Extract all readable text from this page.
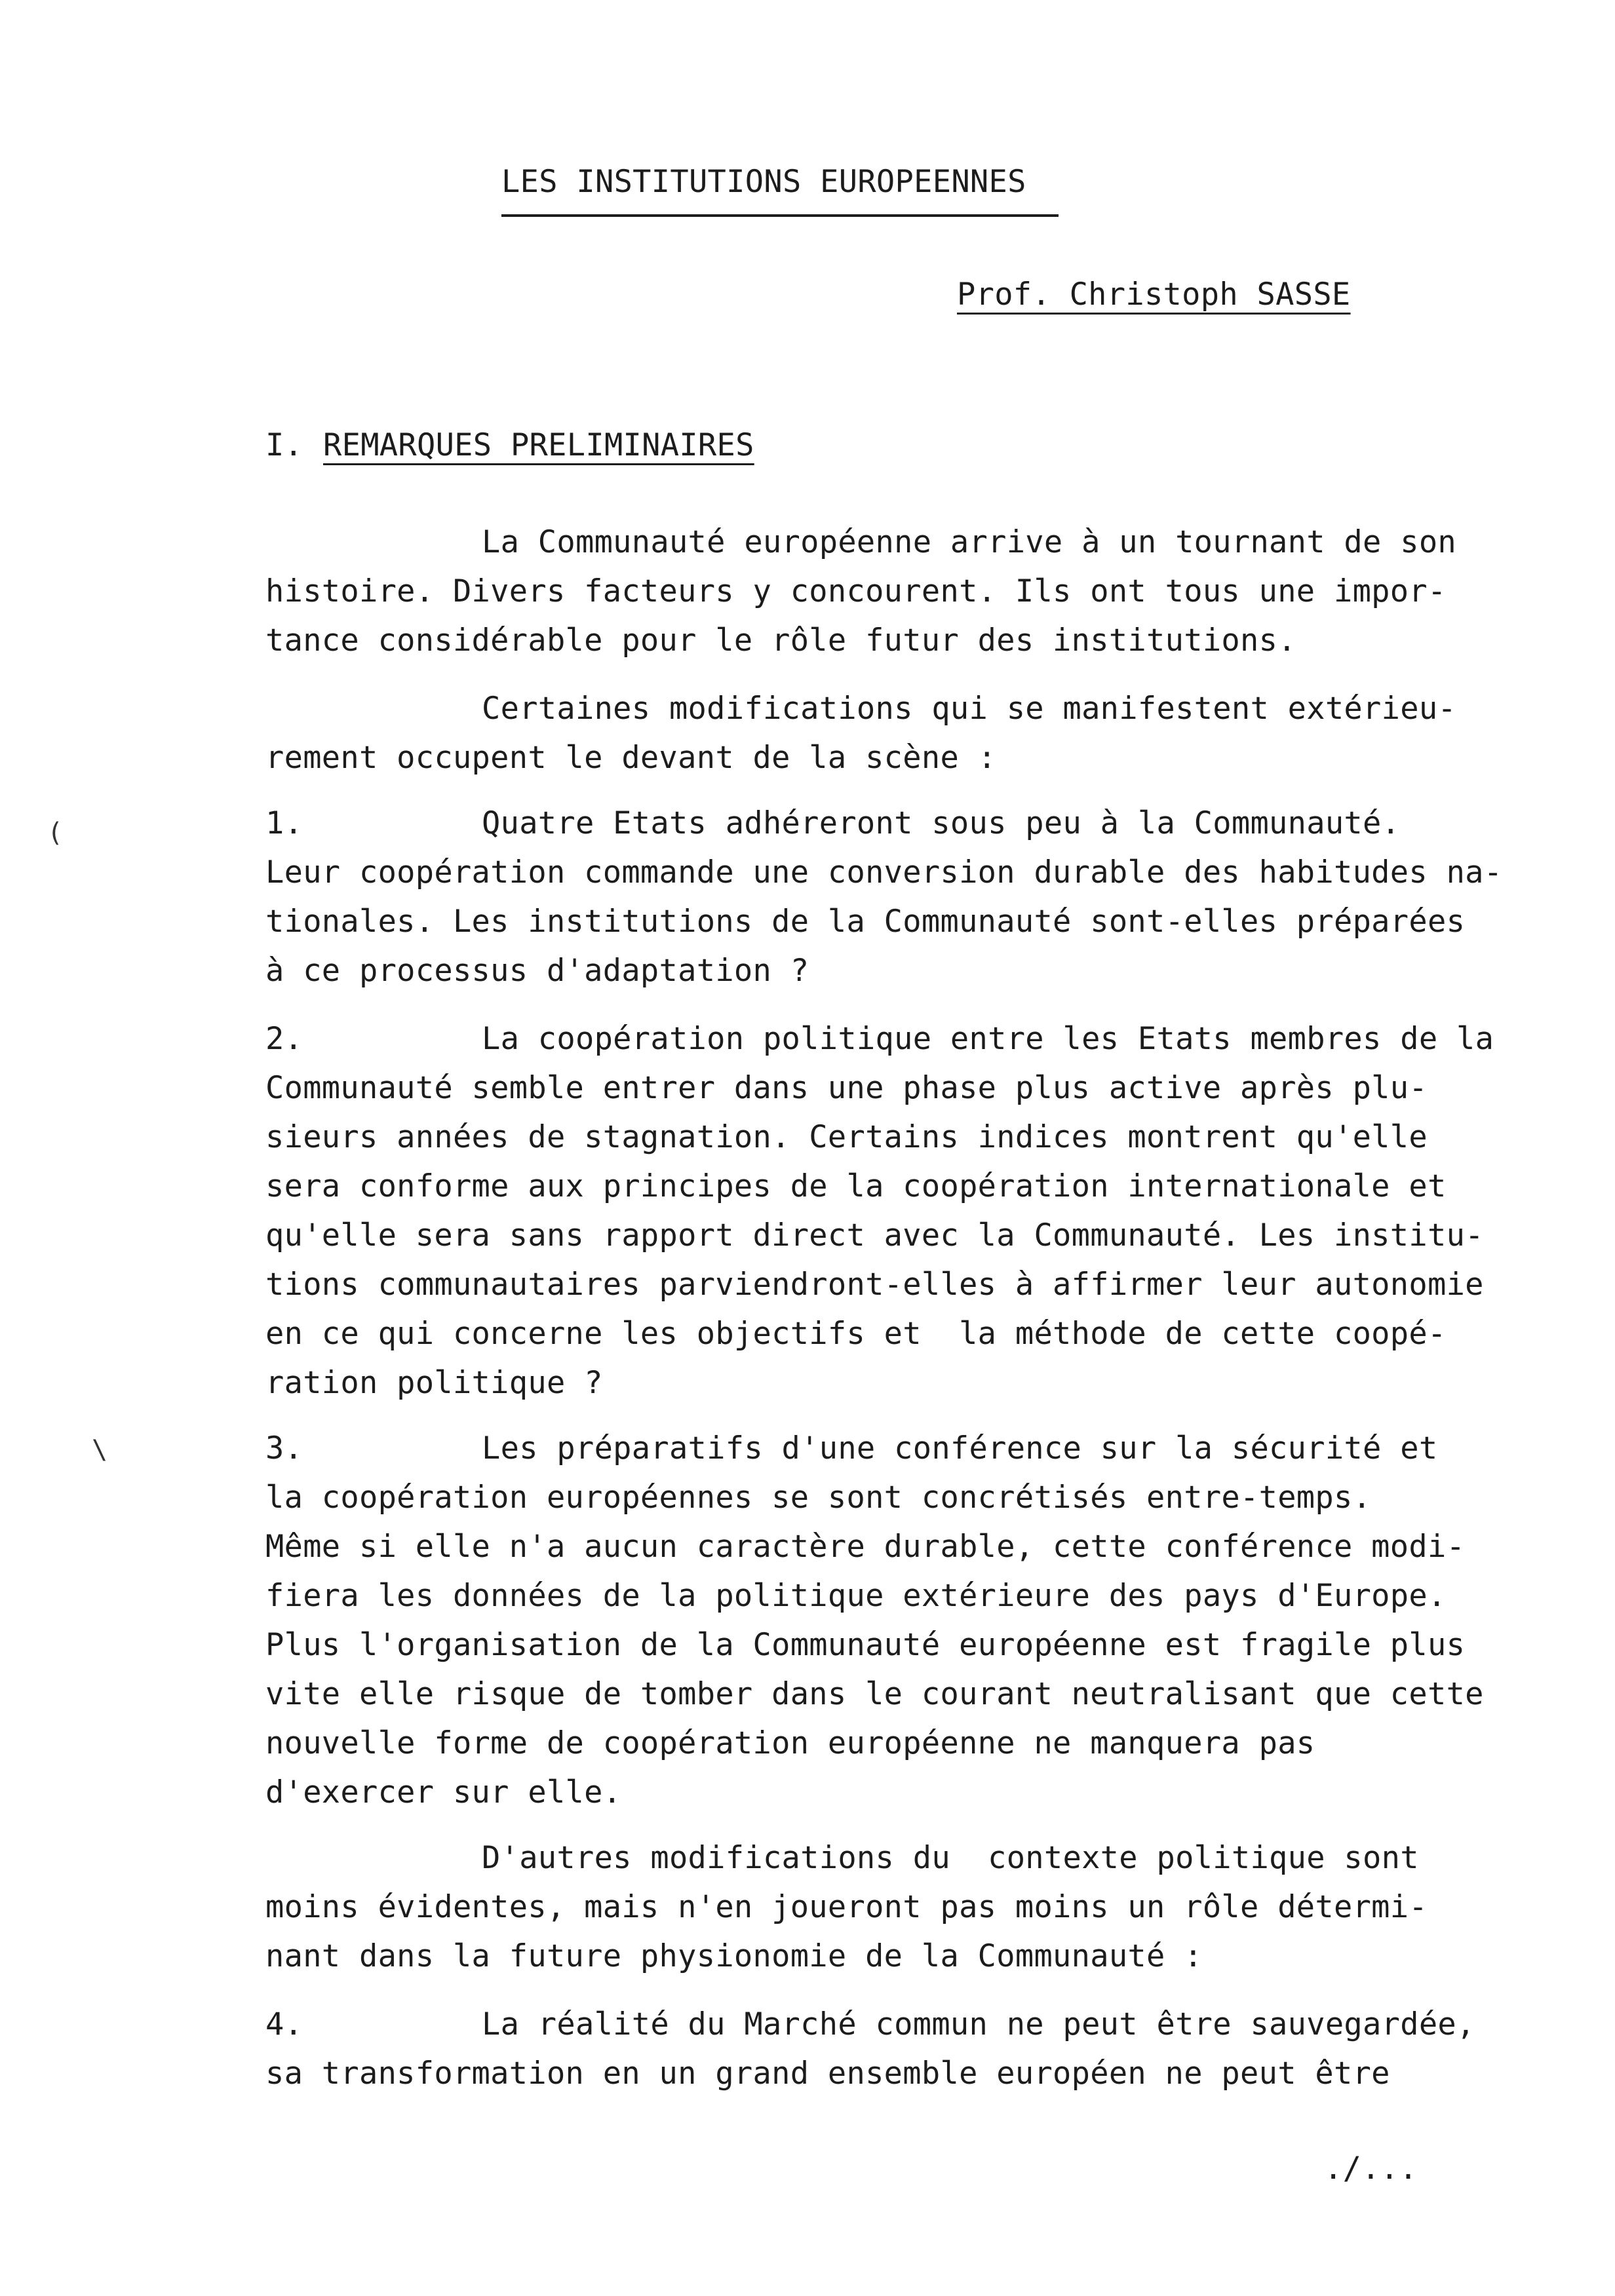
LES INSTITUTIONS EUROPEENNES
Prof. Christoph SASSE
I. REMARQUES PRELIMINAIRES
La Communauté européenne arrive à un tournant de son
histoire. Divers facteurs y concourent. Ils ont tous une impor-
tance considérable pour le rôle futur des institutions.
Certaines modifications qui se manifestent extérieu-
rement occupent le devant de la scène :
1.	Quatre Etats adhéreront sous peu à la Communauté.
Leur coopération commande une conversion durable des habitudes na-
tionales. Les institutions de la Communauté sont-elles préparées
à ce processus d'adaptation ?
2.	La coopération politique entre les Etats membres de la
Communauté semble entrer dans une phase plus active après plu-
sieurs années de stagnation. Certains indices montrent qu'elle
sera conforme aux principes de la coopération internationale et
qu'elle sera sans rapport direct avec la Communauté. Les institu-
tions communautaires parviendront-elles à affirmer leur autonomie
en ce qui concerne les objectifs et  la méthode de cette coopé-
ration politique ?
3.	Les préparatifs d'une conférence sur la sécurité et
la coopération européennes se sont concrétisés entre-temps.
Même si elle n'a aucun caractère durable, cette conférence modi-
fiera les données de la politique extérieure des pays d'Europe.
Plus l'organisation de la Communauté européenne est fragile plus
vite elle risque de tomber dans le courant neutralisant que cette
nouvelle forme de coopération européenne ne manquera pas
d'exercer sur elle.
D'autres modifications du  contexte politique sont
moins évidentes, mais n'en joueront pas moins un rôle détermi-
nant dans la future physionomie de la Communauté :
4.	La réalité du Marché commun ne peut être sauvegardée,
sa transformation en un grand ensemble européen ne peut être
./...
(
\
